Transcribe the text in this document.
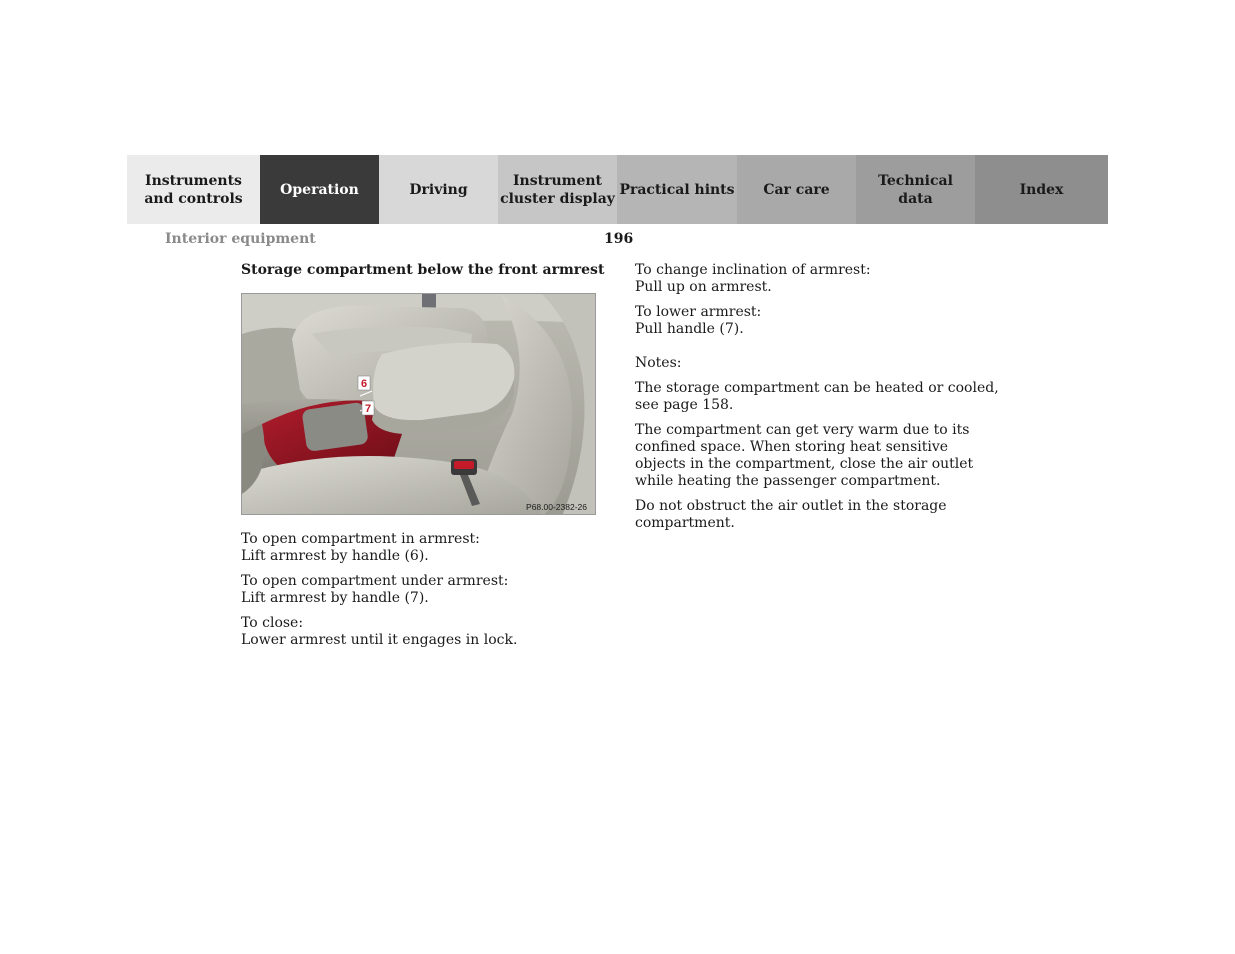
Instruments
and controls
Operation	Driving
Instrument
cluster display
Practical hints	Car care
Technical
data
Index
Interior equipment	196
Storage compartment below the front armrest
6
7
P68.00-2382-26

To open compartment in armrest:
Lift armrest by handle (6).

To open compartment under armrest:
Lift armrest by handle (7).

To close:
Lower armrest until it engages in lock.

To change inclination of armrest:
Pull up on armrest.

To lower armrest:
Pull handle (7).

Notes:

The storage compartment can be heated or cooled, see page 158.

The compartment can get very warm due to its confined space. When storing heat sensitive objects in the compartment, close the air outlet while heating the passenger compartment.

Do not obstruct the air outlet in the storage compartment.
